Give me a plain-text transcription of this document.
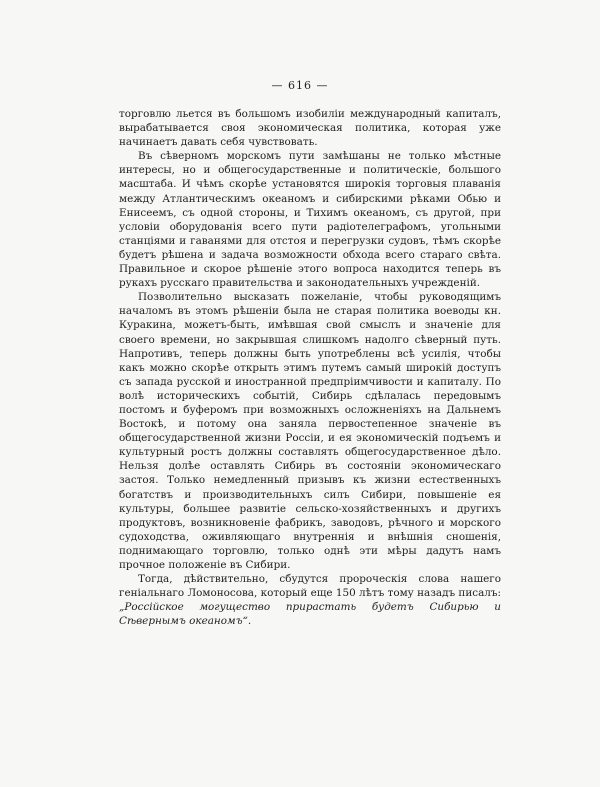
— 616 —

торговлю льется въ большомъ изобилiи международный капиталъ, вырабатывается своя экономическая политика, которая уже начинаетъ давать себя чувствовать.

Въ сѣверномъ морскомъ пути замѣшаны не только мѣстные интересы, но и общегосударственные и политическiе, большого масштаба. И чѣмъ скорѣе установятся широкiя торговыя плаванiя между Атлантическимъ океаномъ и сибирскими рѣками Обью и Енисеемъ, съ одной стороны, и Тихимъ океаномъ, съ другой, при условiи оборудованiя всего пути радiотелеграфомъ, угольными станцiями и гаванями для отстоя и перегрузки судовъ, тѣмъ скорѣе будетъ рѣшена и задача возможности обхода всего стараго свѣта. Правильное и скорое рѣшенiе этого вопроса находится теперь въ рукахъ русскаго правительства и законодательныхъ учрежденiй.

Позволительно высказать пожеланiе, чтобы руководящимъ началомъ въ этомъ рѣшенiи была не старая политика воеводы кн. Куракина, можетъ-быть, имѣвшая свой смыслъ и значенiе для своего времени, но закрывшая слишкомъ надолго сѣверный путь. Напротивъ, теперь должны быть употреблены всѣ усилiя, чтобы какъ можно скорѣе открыть этимъ путемъ самый широкiй доступъ съ запада русской и иностранной предпрiимчивости и капиталу. По волѣ историческихъ событiй, Сибирь сдѣлалась передовымъ постомъ и буферомъ при возможныхъ осложненiяхъ на Дальнемъ Востокѣ, и потому она заняла первостепенное значенiе въ общегосударственной жизни Россiи, и ея экономическiй подъемъ и культурный ростъ должны составлять общегосударственное дѣло. Нельзя долѣе оставлять Сибирь въ состоянiи экономическаго застоя. Только немедленный призывъ къ жизни естественныхъ богатствъ и производительныхъ силъ Сибири, повышенiе ея культуры, большее развитiе сельско-хозяйственныхъ и другихъ продуктовъ, возникновенiе фабрикъ, заводовъ, рѣчного и морского судоходства, оживляющаго внутреннiя и внѣшнiя сношенiя, поднимающаго торговлю, только однѣ эти мѣры дадутъ намъ прочное положенiе въ Сибири.

Тогда, дѣйствительно, сбудутся пророческiя слова нашего генiальнаго Ломоносова, который еще 150 лѣтъ тому назадъ писалъ: „Россiйское могущество прирастать будетъ Сибирью и Сѣвернымъ океаномъ“.
